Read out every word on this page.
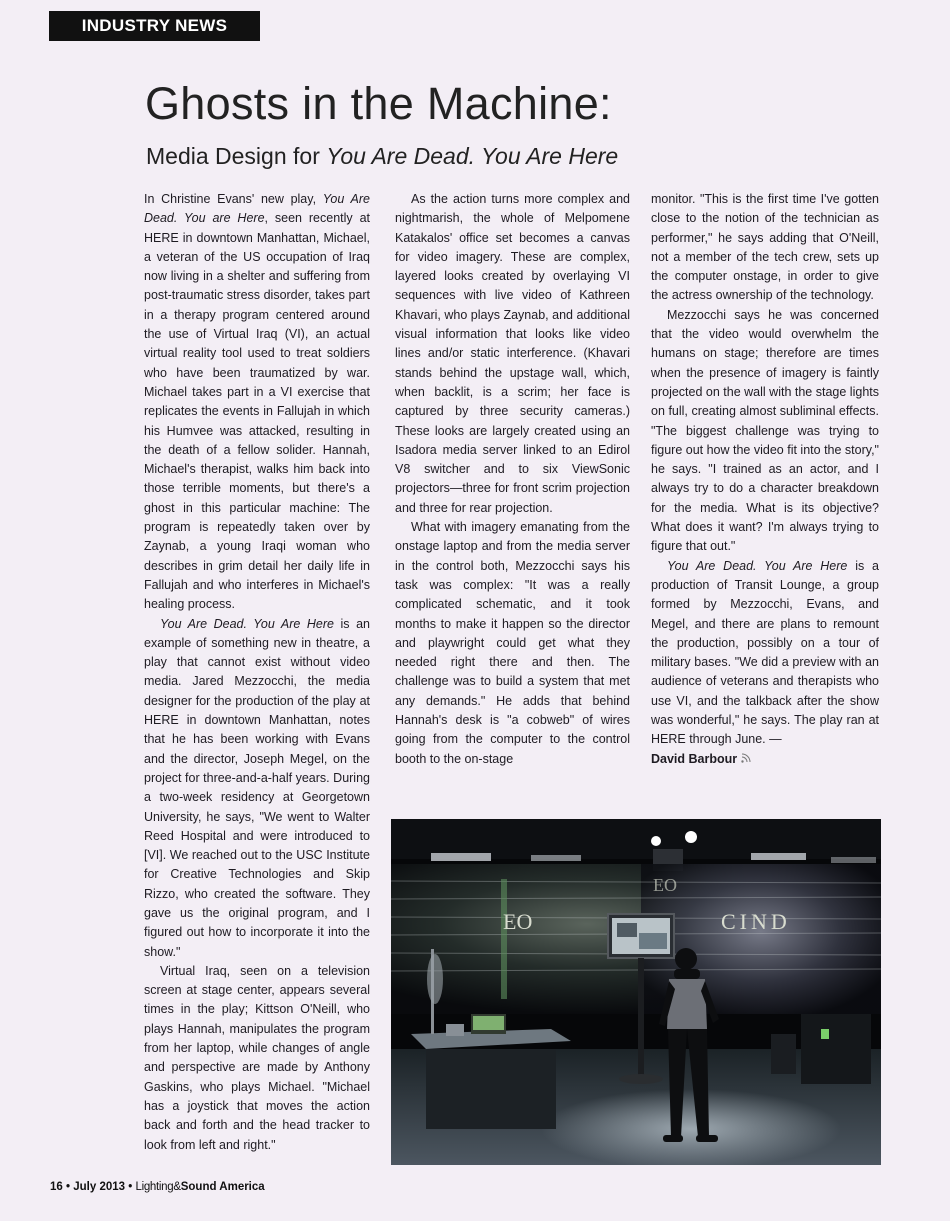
INDUSTRY NEWS
Ghosts in the Machine:
Media Design for You Are Dead. You Are Here

In Christine Evans' new play, You Are Dead. You are Here, seen recently at HERE in downtown Manhattan, Michael, a veteran of the US occupation of Iraq now living in a shelter and suffering from post-traumatic stress disorder, takes part in a therapy program centered around the use of Virtual Iraq (VI), an actual virtual reality tool used to treat soldiers who have been traumatized by war. Michael takes part in a VI exercise that replicates the events in Fallujah in which his Humvee was attacked, resulting in the death of a fellow solider. Hannah, Michael's therapist, walks him back into those terrible moments, but there's a ghost in this particular machine: The program is repeatedly taken over by Zaynab, a young Iraqi woman who describes in grim detail her daily life in Fallujah and who interferes in Michael's healing process.

You Are Dead. You Are Here is an example of something new in theatre, a play that cannot exist without video media. Jared Mezzocchi, the media designer for the production of the play at HERE in downtown Manhattan, notes that he has been working with Evans and the director, Joseph Megel, on the project for three-and-a-half years. During a two-week residency at Georgetown University, he says, "We went to Walter Reed Hospital and were introduced to [VI]. We reached out to the USC Institute for Creative Technologies and Skip Rizzo, who created the software. They gave us the original program, and I figured out how to incorporate it into the show."

Virtual Iraq, seen on a television screen at stage center, appears several times in the play; Kittson O'Neill, who plays Hannah, manipulates the program from her laptop, while changes of angle and perspective are made by Anthony Gaskins, who plays Michael. "Michael has a joystick that moves the action back and forth and the head tracker to look from left and right."

As the action turns more complex and nightmarish, the whole of Melpomene Katakalos' office set becomes a canvas for video imagery. These are complex, layered looks created by overlaying VI sequences with live video of Kathreen Khavari, who plays Zaynab, and additional visual information that looks like video lines and/or static interference. (Khavari stands behind the upstage wall, which, when backlit, is a scrim; her face is captured by three security cameras.) These looks are largely created using an Isadora media server linked to an Edirol V8 switcher and to six ViewSonic projectors—three for front scrim projection and three for rear projection.

What with imagery emanating from the onstage laptop and from the media server in the control both, Mezzocchi says his task was complex: "It was a really complicated schematic, and it took months to make it happen so the director and playwright could get what they needed right there and then. The challenge was to build a system that met any demands." He adds that behind Hannah's desk is "a cobweb" of wires going from the computer to the control booth to the on-stage

monitor. "This is the first time I've gotten close to the notion of the technician as performer," he says adding that O'Neill, not a member of the tech crew, sets up the computer onstage, in order to give the actress ownership of the technology.

Mezzocchi says he was concerned that the video would overwhelm the humans on stage; therefore are times when the presence of imagery is faintly projected on the wall with the stage lights on full, creating almost subliminal effects. "The biggest challenge was trying to figure out how the video fit into the story," he says. "I trained as an actor, and I always try to do a character breakdown for the media. What is its objective? What does it want? I'm always trying to figure that out."

You Are Dead. You Are Here is a production of Transit Lounge, a group formed by Mezzocchi, Evans, and Megel, and there are plans to remount the production, possibly on a tour of military bases. "We did a preview with an audience of veterans and therapists who use VI, and the talkback after the show was wonderful," he says. The play ran at HERE through June. —
David Barbour

EO	CIND
EO
16 • July 2013 • Lighting&Sound America
